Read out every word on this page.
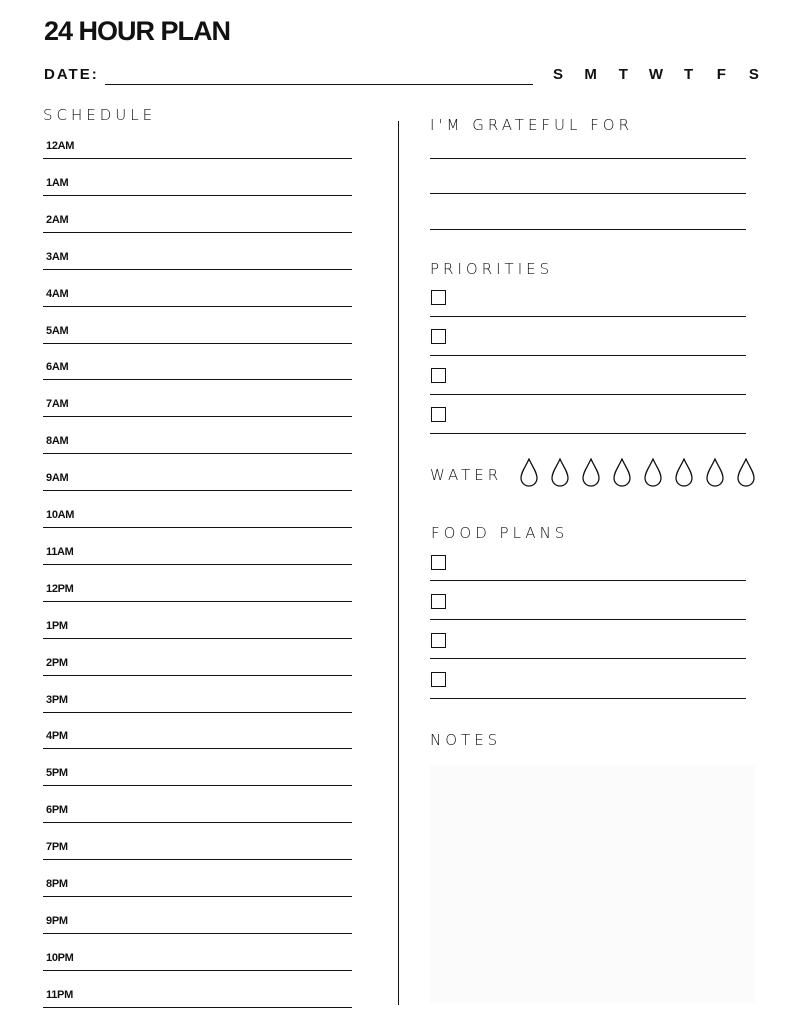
24 HOUR PLAN
DATE:	S	M	T	W	T	F	S
SCHEDULE
12AM
1AM
2AM
3AM
4AM
5AM
6AM
7AM
8AM
9AM
10AM
11AM
12PM
1PM
2PM
3PM
4PM
5PM
6PM
7PM
8PM
9PM
10PM
11PM
I'M GRATEFUL FOR
PRIORITIES
WATER
FOOD PLANS
NOTES
